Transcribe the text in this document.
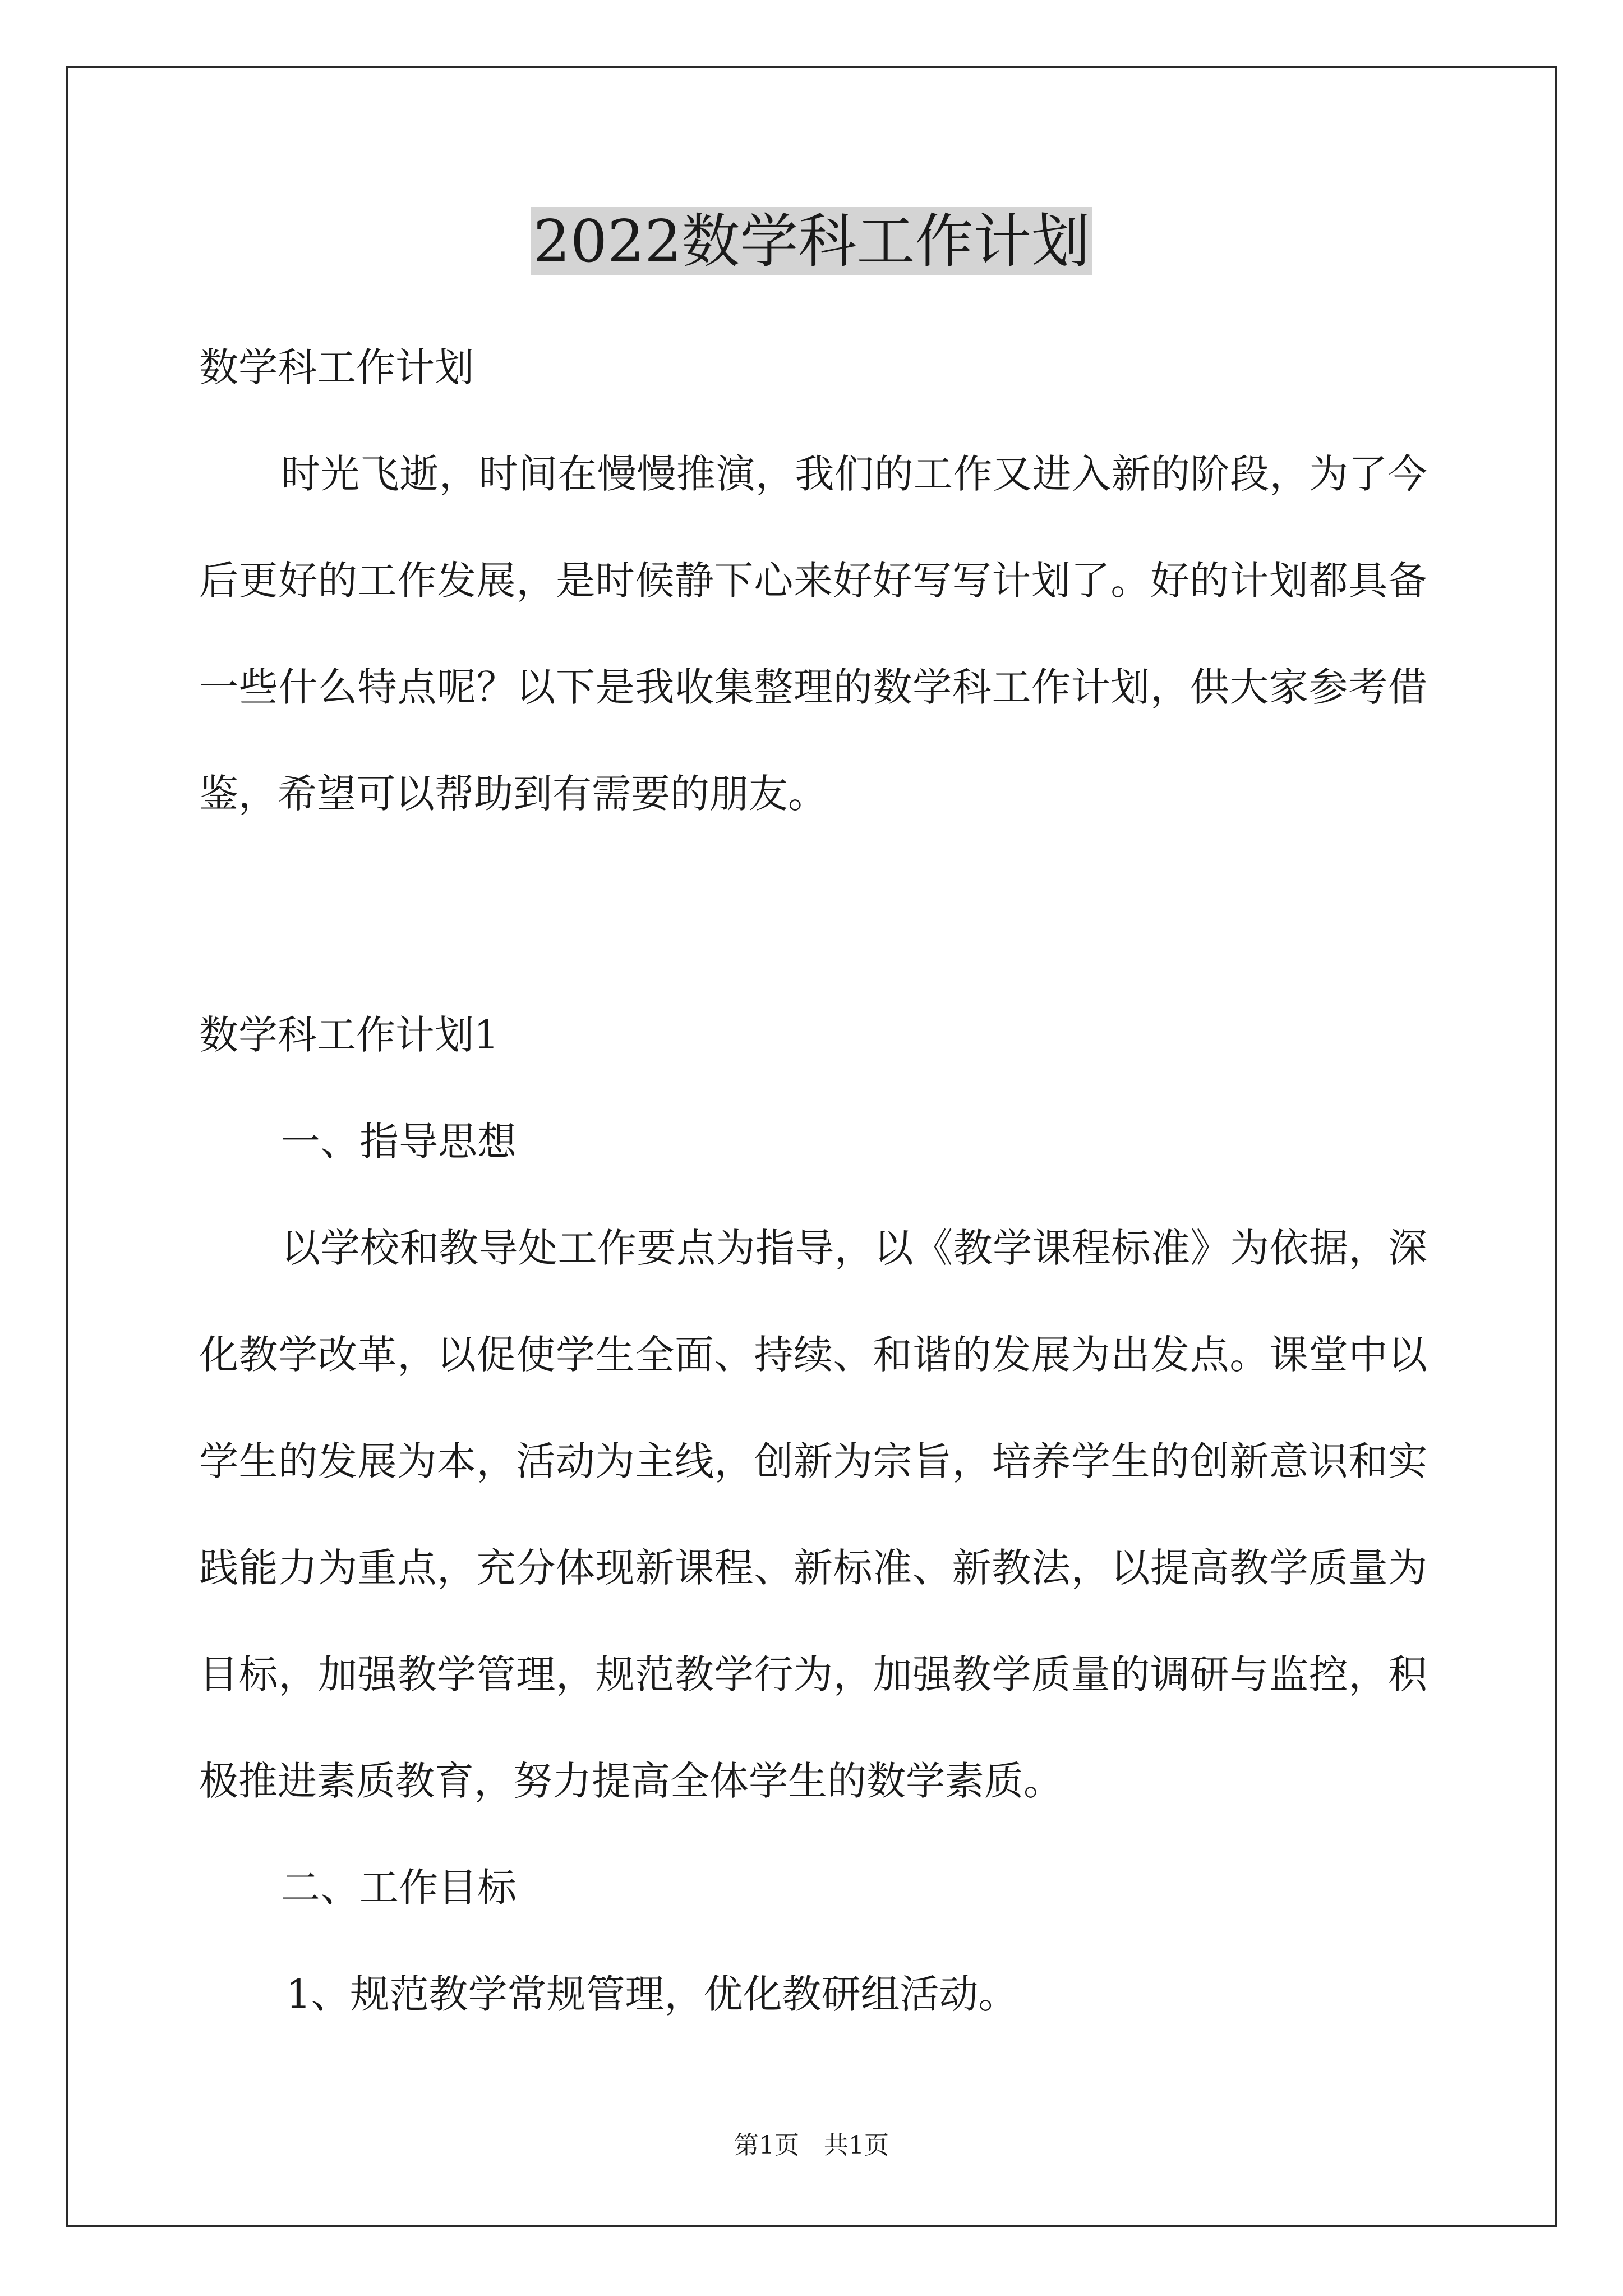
2022数学科工作计划

数学科工作计划

时光飞逝，时间在慢慢推演，我们的工作又进入新的阶段，为了今后更好的工作发展，是时候静下心来好好写写计划了。好的计划都具备一些什么特点呢？以下是我收集整理的数学科工作计划，供大家参考借鉴，希望可以帮助到有需要的朋友。

数学科工作计划1

一、指导思想

以学校和教导处工作要点为指导，以《教学课程标准》为依据，深化教学改革，以促使学生全面、持续、和谐的发展为出发点。课堂中以学生的发展为本，活动为主线，创新为宗旨，培养学生的创新意识和实践能力为重点，充分体现新课程、新标准、新教法，以提高教学质量为目标，加强教学管理，规范教学行为，加强教学质量的调研与监控，积极推进素质教育，努力提高全体学生的数学素质。

二、工作目标

1、规范教学常规管理，优化教研组活动。

第1页　共1页
